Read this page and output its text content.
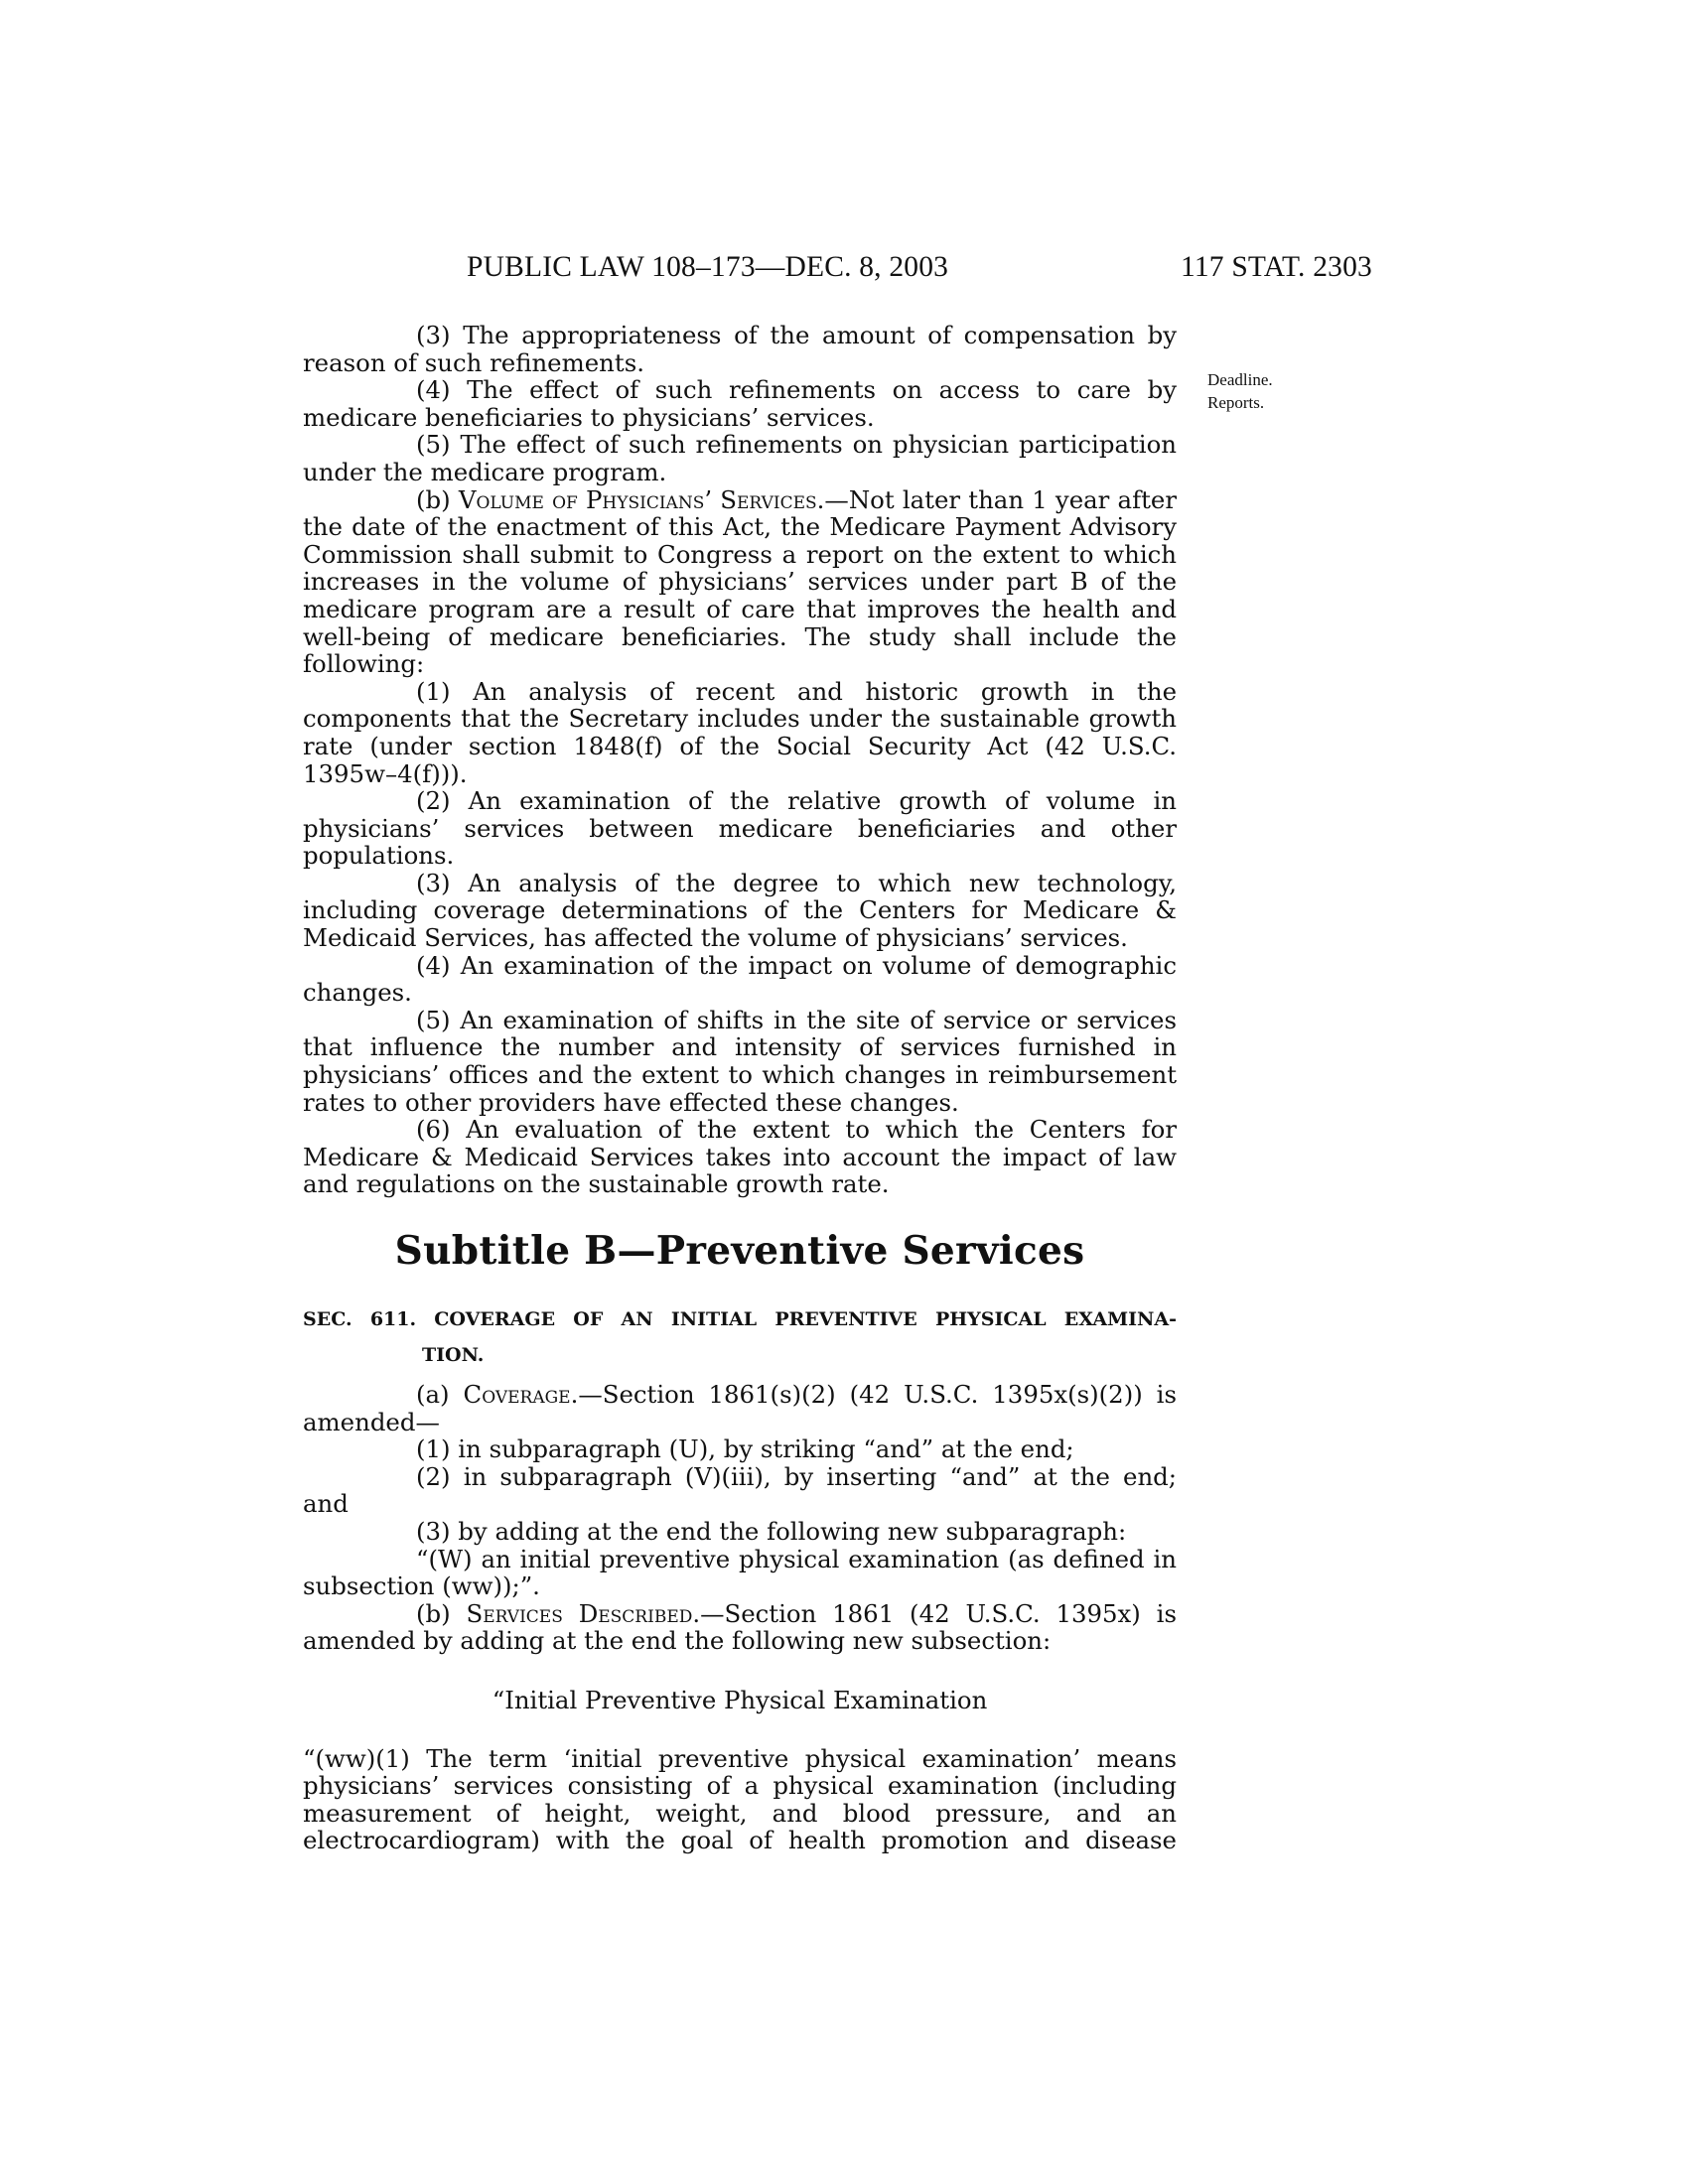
PUBLIC LAW 108–173—DEC. 8, 2003	117 STAT. 2303
Deadline.
Reports.

(3) The appropriateness of the amount of compensation by reason of such refinements.

(4) The effect of such refinements on access to care by medicare beneficiaries to physicians’ services.

(5) The effect of such refinements on physician participation under the medicare program.

(b) Volume of Physicians’ Services.—Not later than 1 year after the date of the enactment of this Act, the Medicare Payment Advisory Commission shall submit to Congress a report on the extent to which increases in the volume of physicians’ services under part B of the medicare program are a result of care that improves the health and well-being of medicare beneficiaries. The study shall include the following:

(1) An analysis of recent and historic growth in the components that the Secretary includes under the sustainable growth rate (under section 1848(f) of the Social Security Act (42 U.S.C. 1395w–4(f))).

(2) An examination of the relative growth of volume in physicians’ services between medicare beneficiaries and other populations.

(3) An analysis of the degree to which new technology, including coverage determinations of the Centers for Medicare & Medicaid Services, has affected the volume of physicians’ services.

(4) An examination of the impact on volume of demographic changes.

(5) An examination of shifts in the site of service or services that influence the number and intensity of services furnished in physicians’ offices and the extent to which changes in reimbursement rates to other providers have effected these changes.

(6) An evaluation of the extent to which the Centers for Medicare & Medicaid Services takes into account the impact of law and regulations on the sustainable growth rate.

Subtitle B—Preventive Services
SEC. 611. COVERAGE OF AN INITIAL PREVENTIVE PHYSICAL EXAMINA-
TION.

(a) Coverage.—Section 1861(s)(2) (42 U.S.C. 1395x(s)(2)) is amended—

(1) in subparagraph (U), by striking “and” at the end;

(2) in subparagraph (V)(iii), by inserting “and” at the end; and

(3) by adding at the end the following new subparagraph:

“(W) an initial preventive physical examination (as defined in subsection (ww));”.

(b) Services Described.—Section 1861 (42 U.S.C. 1395x) is amended by adding at the end the following new subsection:

“Initial Preventive Physical Examination

“(ww)(1) The term ‘initial preventive physical examination’ means physicians’ services consisting of a physical examination (including measurement of height, weight, and blood pressure, and an electrocardiogram) with the goal of health promotion and disease
